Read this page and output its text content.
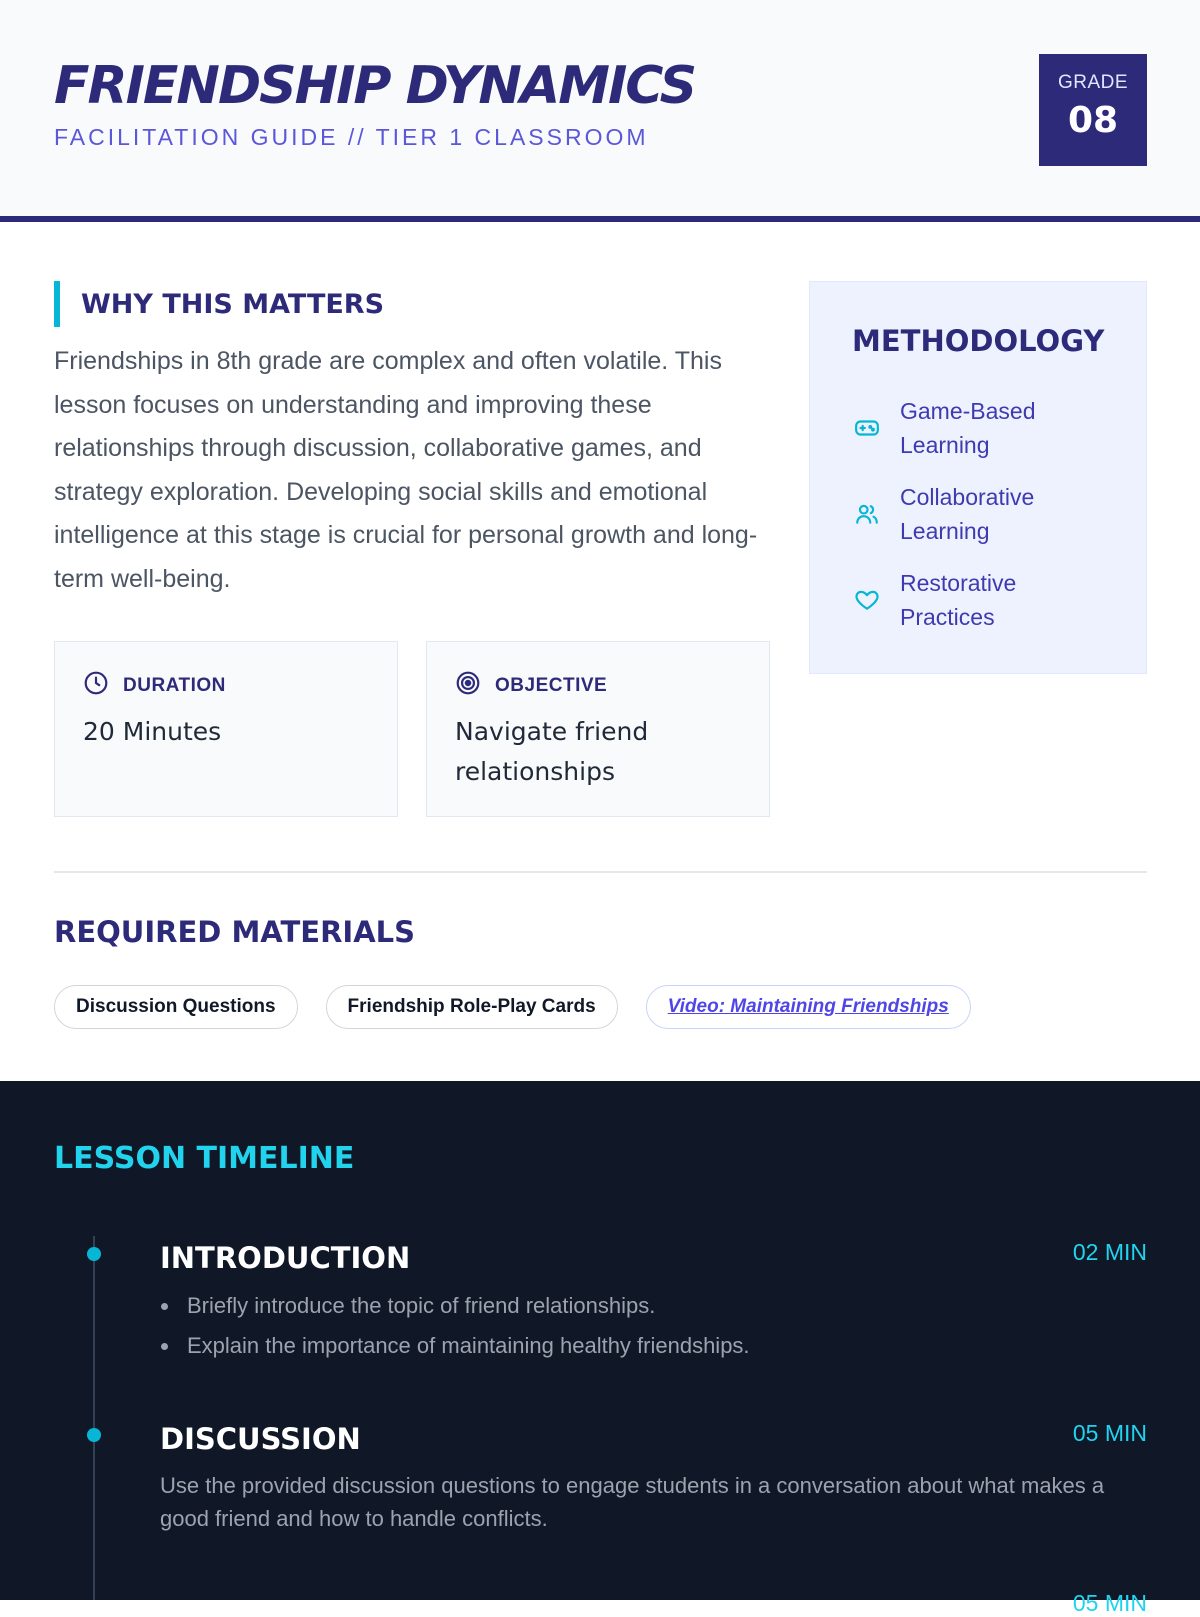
FRIENDSHIP DYNAMICS
FACILITATION GUIDE // TIER 1 CLASSROOM
GRADE
08
WHY THIS MATTERS

Friendships in 8th grade are complex and often volatile. This lesson focuses on understanding and improving these relationships through discussion, collaborative games, and strategy exploration. Developing social skills and emotional intelligence at this stage is crucial for personal growth and long-term well-being.

DURATION
20 Minutes
OBJECTIVE
Navigate friend relationships
METHODOLOGY
Game-Based Learning
Collaborative Learning
Restorative Practices
REQUIRED MATERIALS
Discussion Questions	Friendship Role-Play Cards	Video: Maintaining Friendships
LESSON TIMELINE
INTRODUCTION	02 MIN
Briefly introduce the topic of friend relationships.
Explain the importance of maintaining healthy friendships.
DISCUSSION	05 MIN

Use the provided discussion questions to engage students in a conversation about what makes a good friend and how to handle conflicts.

05 MIN
